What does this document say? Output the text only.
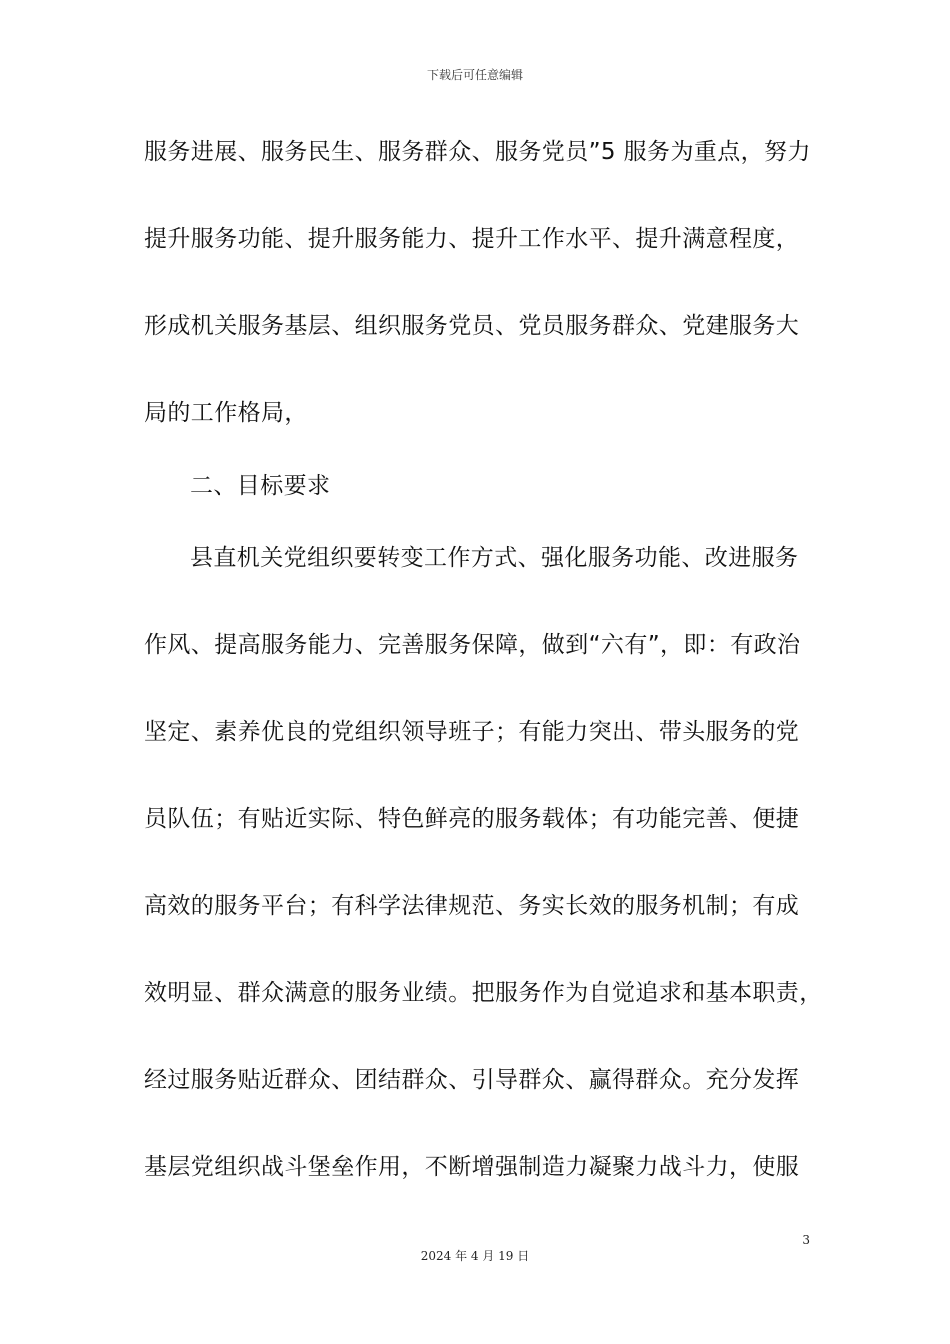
下载后可任意编辑
服务进展、服务民生、服务群众、服务党员”5 服务为重点，努力
提升服务功能、提升服务能力、提升工作水平、提升满意程度，
形成机关服务基层、组织服务党员、党员服务群众、党建服务大
局的工作格局，
二、目标要求
县直机关党组织要转变工作方式、强化服务功能、改进服务
作风、提高服务能力、完善服务保障，做到“六有”，即：有政治
坚定、素养优良的党组织领导班子；有能力突出、带头服务的党
员队伍；有贴近实际、特色鲜亮的服务载体；有功能完善、便捷
高效的服务平台；有科学法律规范、务实长效的服务机制；有成
效明显、群众满意的服务业绩。把服务作为自觉追求和基本职责，
经过服务贴近群众、团结群众、引导群众、赢得群众。充分发挥
基层党组织战斗堡垒作用，不断增强制造力凝聚力战斗力，使服
3
2024 年 4 月 19 日
